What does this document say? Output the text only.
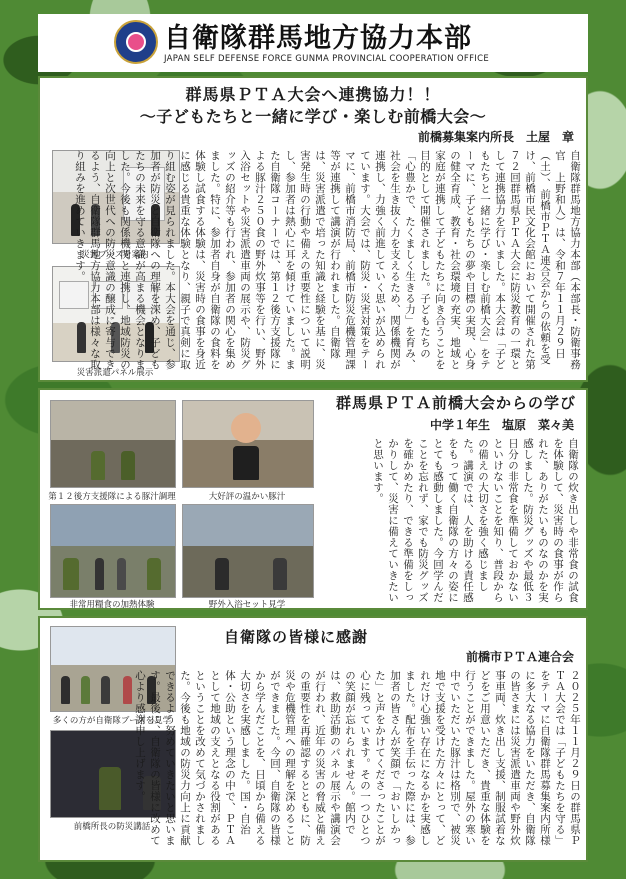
自衛隊群馬地方協力本部
JAPAN SELF DEFENSE FORCE GUNMA PROVINCIAL COOPERATION OFFICE
群馬県ＰＴＡ大会へ連携協力！！
～子どもたちと一緒に学び・楽しむ前橋大会～
前橋募集案内所長　土屋　章
災害ブースを案内
災害派遣パネル展示
自衛隊群馬地方協力本部（本部長・防衛事務官　上野和人）は、令和７年１１月２９日（土）、前橋市ＰＴＡ連合会からの依頼を受け、前橋市民文化会館において開催された第７２回群馬県ＰＴＡ大会に防災教育の一環として連携協力を行いました。本大会は「子どもたちと一緒に学び・楽しむ前橋大会」をテーマに、子どもたちの夢や目標の実現、心身の健全育成、教育・社会環境の充実、地域と家庭が連携して子どもたちに向き合うことを目的として開催されました。子どもたちの「心豊かで、たくましく生きる力」を育み、社会を生き抜く力を支えるため、関係機関が連携し、力強く前進していく思いが込められています。大会では、防災・災害対策をテーマに、前橋市消防局、前橋市防災危機管理課等が連携して講演が行われました。自衛隊は、災害派遣で培った知識と経験を基に、災害発生時の行動や備えの重要性について説明し、参加者は熱心に耳を傾けていました。また自衛隊コーナーでは、第１２後方支援隊による豚汁２５０食の野外炊事等を行い、野外入浴セットや災害派遣車両の展示や、防災グッズの紹介等も行われ、参加者の関心を集めました。特に、参加者自身が自衛隊の食料を体験し試食する体験は、災害時の食事を身近に感じる貴重な体験となり、親子で真剣に取り組む姿が見られました。本大会を通じ、参加者が防災と自衛隊への理解を深め、子どもたちの未来を守る意識が高まる機会となりました。今後も関係機関と連携し、地域防災の向上と次世代への防災意識の醸成に寄与できるよう、自衛隊群馬地方協力本部は様々な取り組みを進めていきます。
群馬県ＰＴＡ前橋大会からの学び
中学１年生　塩原　菜々美
第１２後方支援隊による豚汁調理	大好評の温かい豚汁
非常用糧食の加熱体験	野外入浴セット見学
自衛隊の炊き出しや非常食の試食を体験して、災害時の食事が作られた、ありがたいものなのかを実感しました。防災グッズや最低３日分の非常食を準備しておかないといけないことを知り、普段からの備えの大切さを強く感じました。講演では、人を助ける責任感をもって働く自衛隊の方々の姿にとても感動しました。今回学んだことを忘れず、家でも防災グッズを確かめたり、できる準備をしっかりして、災害に備えていきたいと思います。
自衛隊の皆様に感謝
前橋市ＰＴＡ連合会
多くの方が自衛隊ブースを見学
前橋所長の防災講話	２０２５年１１月２９日の群馬県ＰＴＡ大会では「子どもたちを守る」をテーマに自衛隊群馬募集案内所様に多大なる協力をいただき、自衛隊の皆さまには災害派遣車両や野外炊事車両、炊き出し支援、制服試着などをご用意いただき、貴重な体験を行うことができました。屋外の寒い中でいただいた豚汁は格別で、被災地で支援を受けた方々にとって、どれだけ心強い存在になるかを実感しました。配布を手伝った際には、参加者の皆さんが笑顔で「おいしかった」と声をかけてくださったことが心に残っています。その一つひとつの笑顔が忘れられません。館内では、救助活動のパネル展示や講演会が行われ、近年の災害の脅威と備えの重要性を再確認するとともに、防災や危機管理への理解を深めることができました。今回、自衛隊の皆様から学んだことを、日頃から備える大切さを実感しました。国・自治体・公助という理念の中で、ＰＴＡとして地域の支えとなる役割があるということを改めて気づかされました。今後も地域の防災力向上に貢献できるよう努めていきたいと思います。最後に、自衛隊の皆様に改めて心より感謝申し上げます。
